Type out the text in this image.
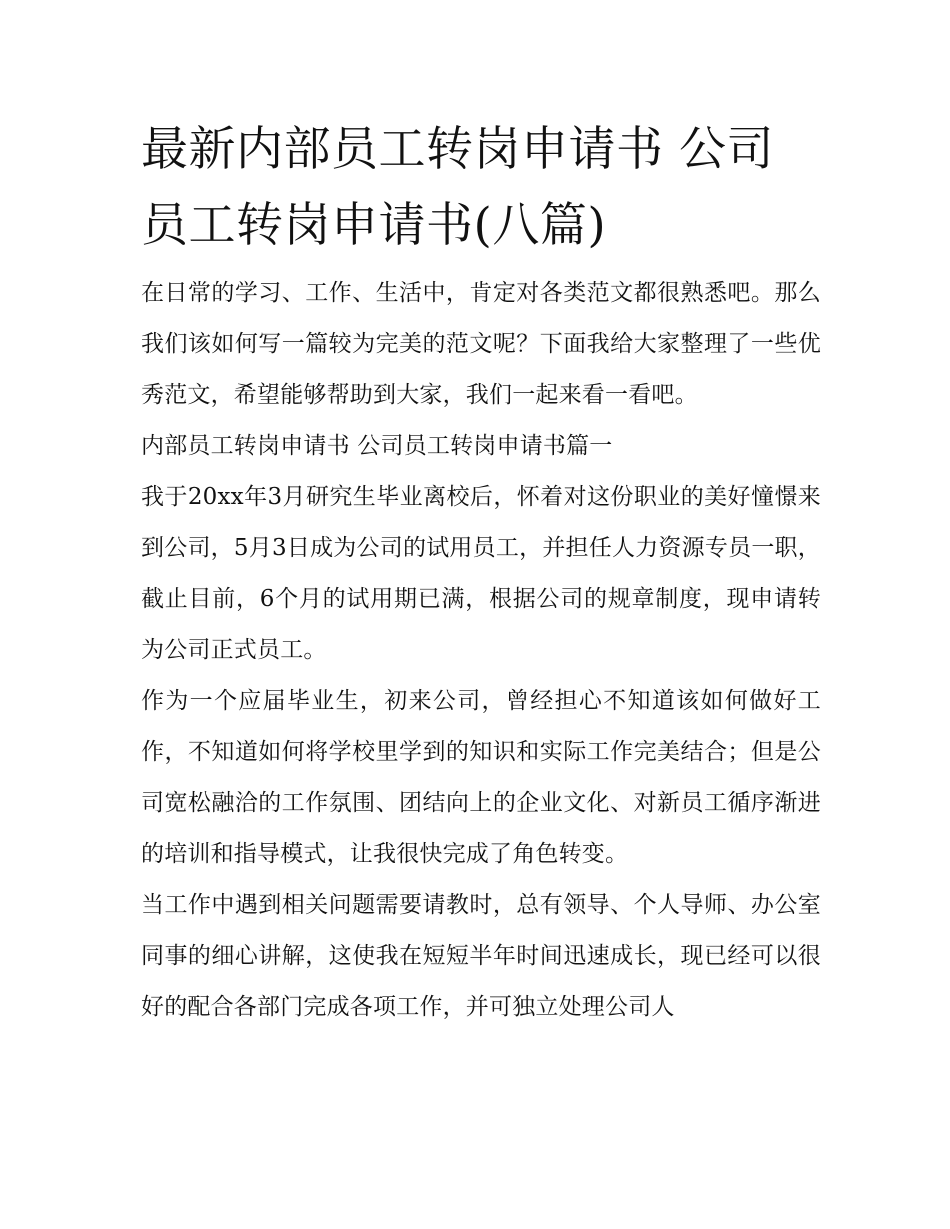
最新内部员工转岗申请书 公司
员工转岗申请书(八篇)

在日常的学习、工作、生活中，肯定对各类范文都很熟悉吧。那么我们该如何写一篇较为完美的范文呢？下面我给大家整理了一些优秀范文，希望能够帮助到大家，我们一起来看一看吧。

内部员工转岗申请书 公司员工转岗申请书篇一

我于20xx年3月研究生毕业离校后，怀着对这份职业的美好憧憬来到公司，5月3日成为公司的试用员工，并担任人力资源专员一职，截止目前，6个月的试用期已满，根据公司的规章制度，现申请转为公司正式员工。

作为一个应届毕业生，初来公司，曾经担心不知道该如何做好工作，不知道如何将学校里学到的知识和实际工作完美结合；但是公司宽松融洽的工作氛围、团结向上的企业文化、对新员工循序渐进的培训和指导模式，让我很快完成了角色转变。

当工作中遇到相关问题需要请教时，总有领导、个人导师、办公室同事的细心讲解，这使我在短短半年时间迅速成长，现已经可以很好的配合各部门完成各项工作，并可独立处理公司人
